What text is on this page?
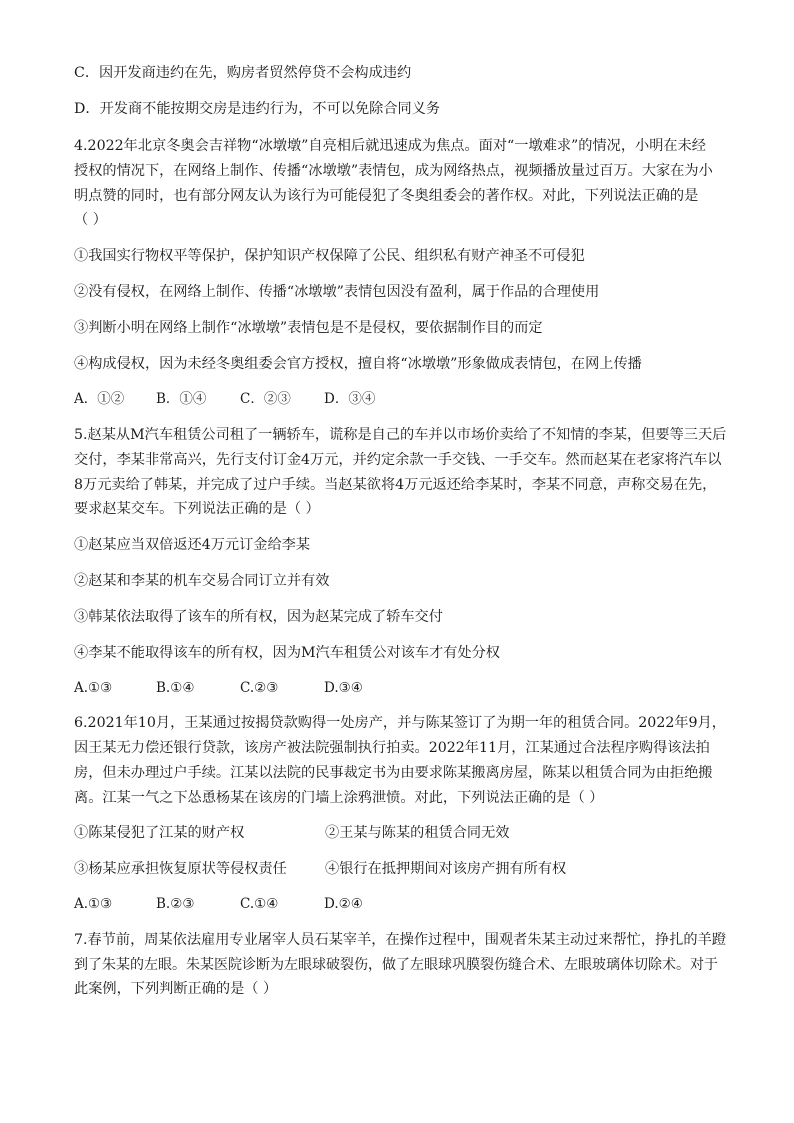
C．因开发商违约在先，购房者贸然停贷不会构成违约
D．开发商不能按期交房是违约行为，不可以免除合同义务
4.2022年北京冬奥会吉祥物“冰墩墩”自亮相后就迅速成为焦点。面对“一墩难求”的情况，小明在未经
授权的情况下，在网络上制作、传播“冰墩墩”表情包，成为网络热点，视频播放量过百万。大家在为小
明点赞的同时，也有部分网友认为该行为可能侵犯了冬奥组委会的著作权。对此，下列说法正确的是
（ ）
①我国实行物权平等保护，保护知识产权保障了公民、组织私有财产神圣不可侵犯
②没有侵权，在网络上制作、传播“冰墩墩”表情包因没有盈利，属于作品的合理使用
③判断小明在网络上制作“冰墩墩”表情包是不是侵权，要依据制作目的而定
④构成侵权，因为未经冬奥组委会官方授权，擅自将“冰墩墩”形象做成表情包，在网上传播
A．①② B．①④ C．②③ D．③④
5.赵某从M汽车租赁公司租了一辆轿车，谎称是自己的车并以市场价卖给了不知情的李某，但要等三天后
交付，李某非常高兴，先行支付订金4万元，并约定余款一手交钱、一手交车。然而赵某在老家将汽车以
8万元卖给了韩某，并完成了过户手续。当赵某欲将4万元返还给李某时，李某不同意，声称交易在先，
要求赵某交车。下列说法正确的是（ ）
①赵某应当双倍返还4万元订金给李某
②赵某和李某的机车交易合同订立并有效
③韩某依法取得了该车的所有权，因为赵某完成了轿车交付
④李某不能取得该车的所有权，因为M汽车租赁公对该车才有处分权
A.①③	B.①④	C.②③	D.③④
6.2021年10月，王某通过按揭贷款购得一处房产，并与陈某签订了为期一年的租赁合同。2022年9月，
因王某无力偿还银行贷款，该房产被法院强制执行拍卖。2022年11月，江某通过合法程序购得该法拍
房，但未办理过户手续。江某以法院的民事裁定书为由要求陈某搬离房屋，陈某以租赁合同为由拒绝搬
离。江某一气之下怂恿杨某在该房的门墙上涂鸦泄愤。对此，下列说法正确的是（ ）
①陈某侵犯了江某的财产权	②王某与陈某的租赁合同无效
③杨某应承担恢复原状等侵权责任	④银行在抵押期间对该房产拥有所有权
A.①③	B.②③	C.①④	D.②④
7.春节前，周某依法雇用专业屠宰人员石某宰羊，在操作过程中，围观者朱某主动过来帮忙，挣扎的羊蹬
到了朱某的左眼。朱某医院诊断为左眼球破裂伤，做了左眼球巩膜裂伤缝合术、左眼玻璃体切除术。对于
此案例，下列判断正确的是（ ）
